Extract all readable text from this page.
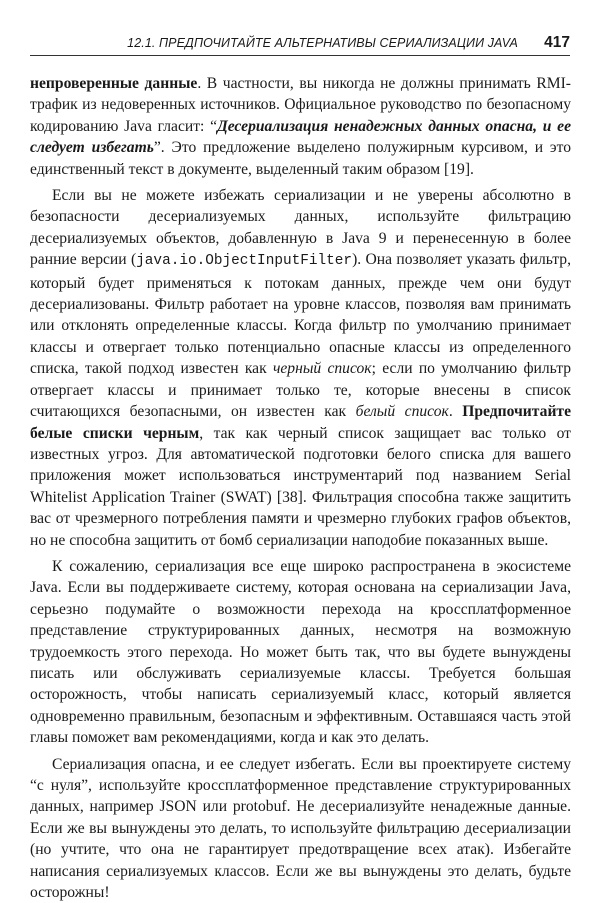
12.1. ПРЕДПОЧИТАЙТЕ АЛЬТЕРНАТИВЫ СЕРИАЛИЗАЦИИ JAVA 417

непроверенные данные. В частности, вы никогда не должны принимать RMI-трафик из недоверенных источников. Официальное руководство по безопасному кодированию Java гласит: “Десериализация ненадежных данных опасна, и ее следует избегать”. Это предложение выделено полужирным курсивом, и это единственный текст в документе, выделенный таким образом [19].

Если вы не можете избежать сериализации и не уверены абсолютно в безопасности десериализуемых данных, используйте фильтрацию десериализуемых объектов, добавленную в Java 9 и перенесенную в более ранние версии (java.io.ObjectInputFilter). Она позволяет указать фильтр, который будет применяться к потокам данных, прежде чем они будут десериализованы. Фильтр работает на уровне классов, позволяя вам принимать или отклонять определенные классы. Когда фильтр по умолчанию принимает классы и отвергает только потенциально опасные классы из определенного списка, такой подход известен как черный список; если по умолчанию фильтр отвергает классы и принимает только те, которые внесены в список считающихся безопасными, он известен как белый список. Предпочитайте белые списки черным, так как черный список защищает вас только от известных угроз. Для автоматической подготовки белого списка для вашего приложения может использоваться инструментарий под названием Serial Whitelist Application Trainer (SWAT) [38]. Фильтрация способна также защитить вас от чрезмерного потребления памяти и чрезмерно глубоких графов объектов, но не способна защитить от бомб сериализации наподобие показанных выше.

К сожалению, сериализация все еще широко распространена в экосистеме Java. Если вы поддерживаете систему, которая основана на сериализации Java, серьезно подумайте о возможности перехода на кроссплатформенное представление структурированных данных, несмотря на возможную трудоемкость этого перехода. Но может быть так, что вы будете вынуждены писать или обслуживать сериализуемые классы. Требуется большая осторожность, чтобы написать сериализуемый класс, который является одновременно правильным, безопасным и эффективным. Оставшаяся часть этой главы поможет вам рекомендациями, когда и как это делать.

Сериализация опасна, и ее следует избегать. Если вы проектируете систему “с нуля”, используйте кроссплатформенное представление структурированных данных, например JSON или protobuf. Не десериализуйте ненадежные данные. Если же вы вынуждены это делать, то используйте фильтрацию десериализации (но учтите, что она не гарантирует предотвращение всех атак). Избегайте написания сериализуемых классов. Если же вы вынуждены это делать, будьте осторожны!
